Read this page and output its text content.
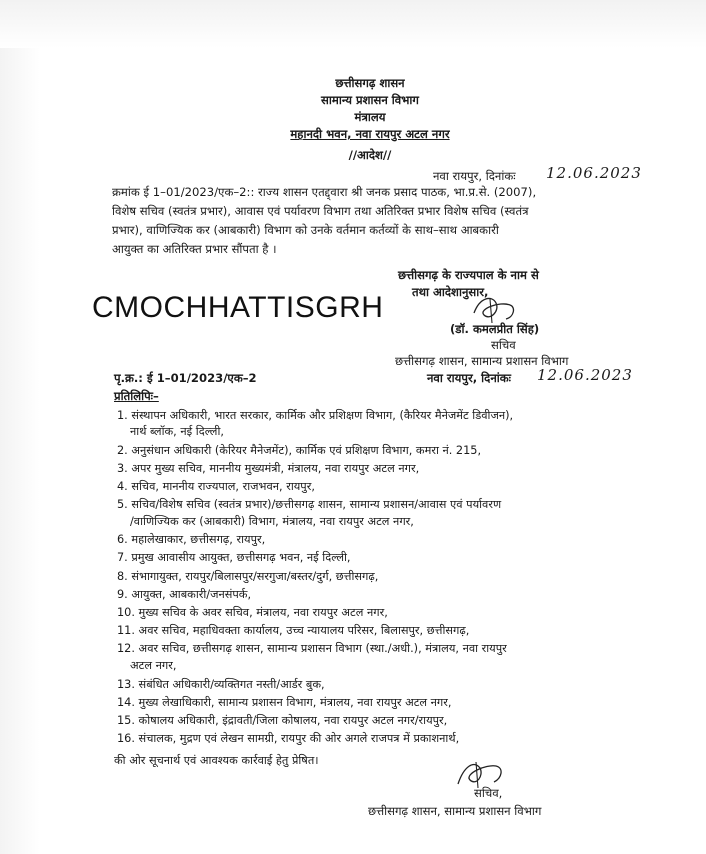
छत्तीसगढ़ शासन
सामान्य प्रशासन विभाग
मंत्रालय
महानदी भवन, नवा रायपुर अटल नगर
//आदेश//
नवा रायपुर, दिनांकः 12.06.2023
क्रमांक ई 1–01/2023/एक–2:: राज्य शासन एतद्द्वारा श्री जनक प्रसाद पाठक, भा.प्र.से. (2007),
विशेष सचिव (स्वतंत्र प्रभार), आवास एवं पर्यावरण विभाग तथा अतिरिक्त प्रभार विशेष सचिव (स्वतंत्र
प्रभार), वाणिज्यिक कर (आबकारी) विभाग को उनके वर्तमान कर्तव्यों के साथ–साथ आबकारी
आयुक्त का अतिरिक्त प्रभार सौंपता है ।
छत्तीसगढ़ के राज्यपाल के नाम से
तथा आदेशानुसार,
(डॉ. कमलप्रीत सिंह)
सचिव
छत्तीसगढ़ शासन, सामान्य प्रशासन विभाग
CMOCHHATTISGRH
पृ.क्र.: ई 1–01/2023/एक–2	नवा रायपुर, दिनांकः 12.06.2023
प्रतिलिपिः–
1. संस्थापन अधिकारी, भारत सरकार, कार्मिक और प्रशिक्षण विभाग, (कैरियर मैनेजमेंट डिवीजन),
नार्थ ब्लॉक, नई दिल्ली,
2. अनुसंधान अधिकारी (केरियर मैनेजमेंट), कार्मिक एवं प्रशिक्षण विभाग, कमरा नं. 215,
3. अपर मुख्य सचिव, माननीय मुख्यमंत्री, मंत्रालय, नवा रायपुर अटल नगर,
4. सचिव, माननीय राज्यपाल, राजभवन, रायपुर,
5. सचिव/विशेष सचिव (स्वतंत्र प्रभार)/छत्तीसगढ़ शासन, सामान्य प्रशासन/आवास एवं पर्यावरण
/वाणिज्यिक कर (आबकारी) विभाग, मंत्रालय, नवा रायपुर अटल नगर,
6. महालेखाकार, छत्तीसगढ़, रायपुर,
7. प्रमुख आवासीय आयुक्त, छत्तीसगढ़ भवन, नई दिल्ली,
8. संभागायुक्त, रायपुर/बिलासपुर/सरगुजा/बस्तर/दुर्ग, छत्तीसगढ़,
9. आयुक्त, आबकारी/जनसंपर्क,
10. मुख्य सचिव के अवर सचिव, मंत्रालय, नवा रायपुर अटल नगर,
11. अवर सचिव, महाधिवक्ता कार्यालय, उच्च न्यायालय परिसर, बिलासपुर, छत्तीसगढ़,
12. अवर सचिव, छत्तीसगढ़ शासन, सामान्य प्रशासन विभाग (स्था./अधी.), मंत्रालय, नवा रायपुर
अटल नगर,
13. संबंधित अधिकारी/व्यक्तिगत नस्ती/आर्डर बुक,
14. मुख्य लेखाधिकारी, सामान्य प्रशासन विभाग, मंत्रालय, नवा रायपुर अटल नगर,
15. कोषालय अधिकारी, इंद्रावती/जिला कोषालय, नवा रायपुर अटल नगर/रायपुर,
16. संचालक, मुद्रण एवं लेखन सामग्री, रायपुर की ओर अगले राजपत्र में प्रकाशनार्थ,
की ओर सूचनार्थ एवं आवश्यक कार्रवाई हेतु प्रेषित।
सचिव,
छत्तीसगढ़ शासन, सामान्य प्रशासन विभाग
